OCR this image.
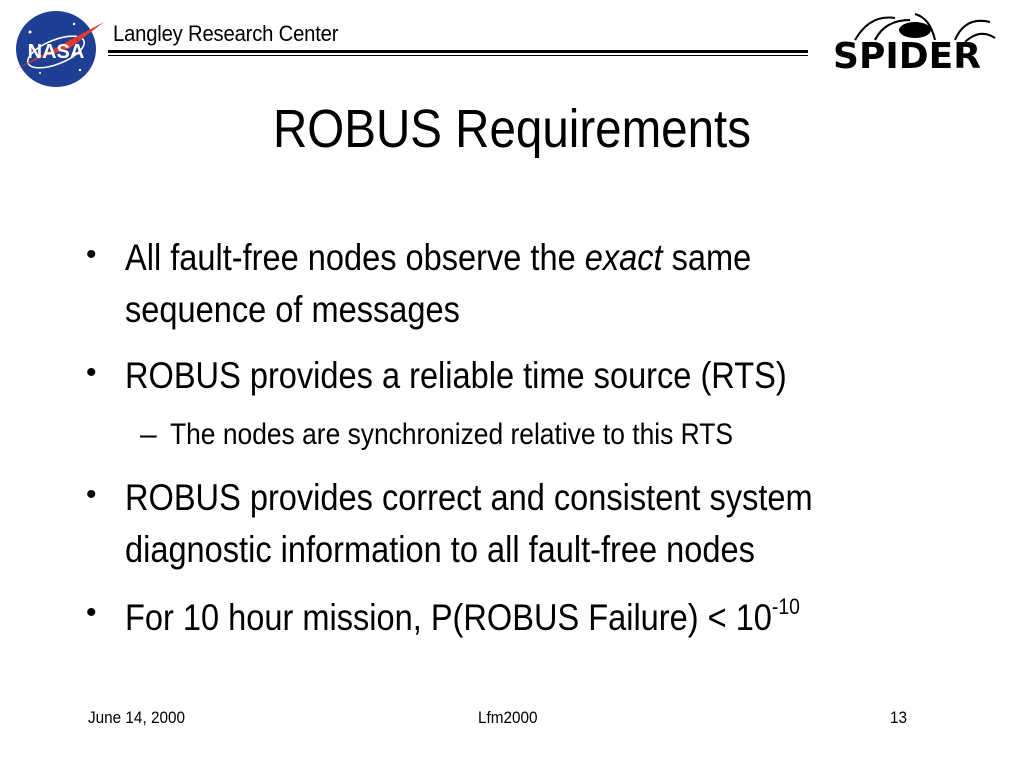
NASA
Langley Research Center
SPIDER
ROBUS Requirements
• All fault-free nodes observe the exact same
sequence of messages
• ROBUS provides a reliable time source (RTS)
– The nodes are synchronized relative to this RTS
• ROBUS provides correct and consistent system
diagnostic information to all fault-free nodes
• For 10 hour mission, P(ROBUS Failure) < $10^{-10}$
June 14, 2000	Lfm2000	13
